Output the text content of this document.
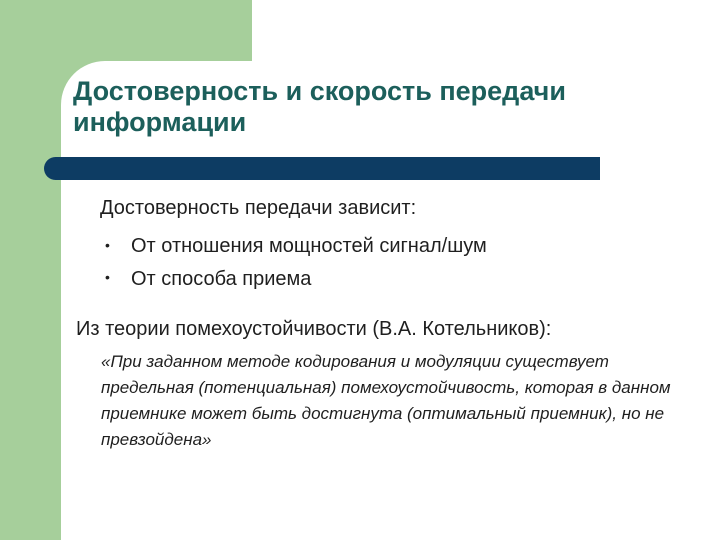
Достоверность и скорость передачи информации

Достоверность передачи зависит:

• От отношения мощностей сигнал/шум
• От способа приема

Из теории помехоустойчивости (В.А. Котельников):

«При заданном методе кодирования и модуляции существует предельная (потенциальная) помехоустойчивость, которая в данном приемнике может быть достигнута (оптимальный приемник), но не превзойдена»
